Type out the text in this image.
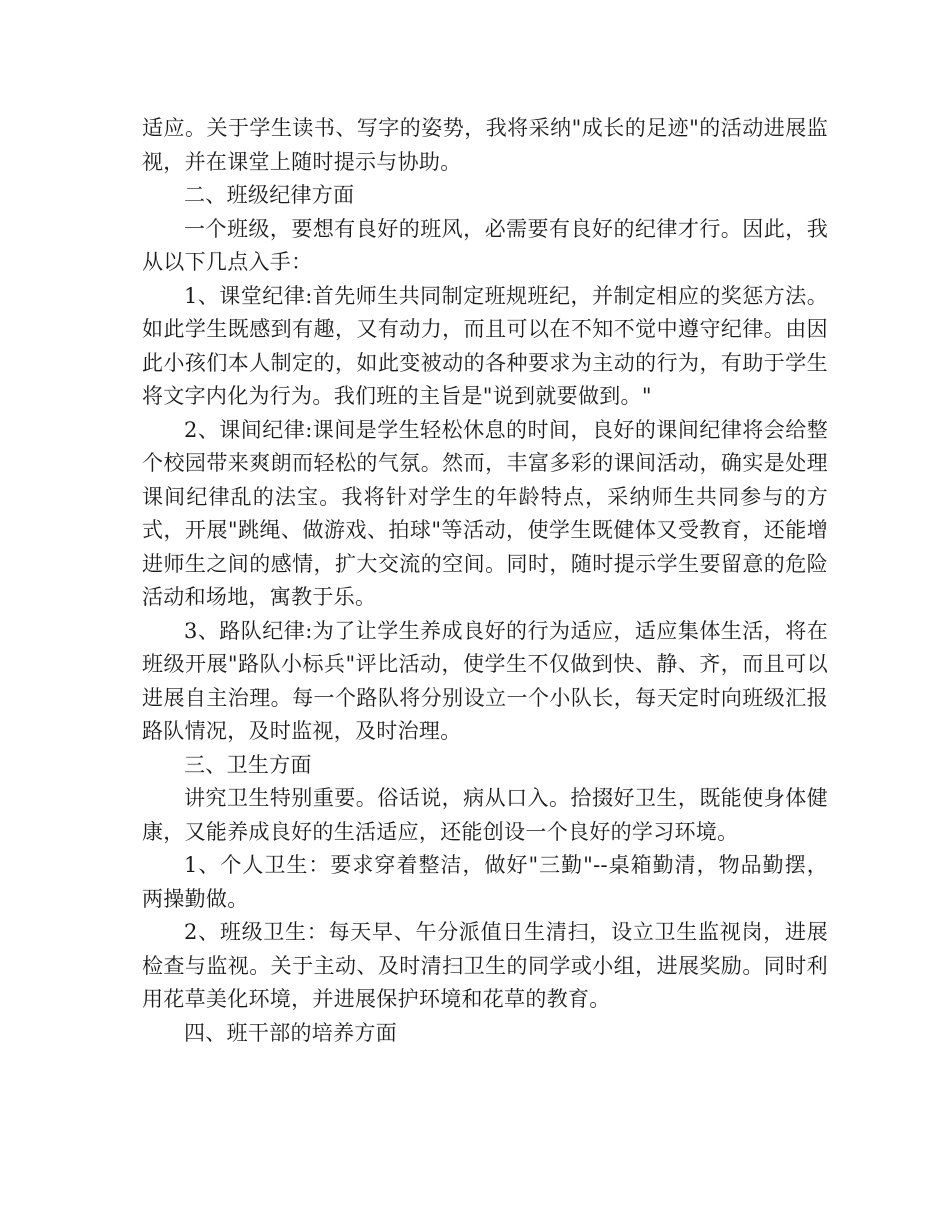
适应。关于学生读书、写字的姿势，我将采纳"成长的足迹"的活动进展监视，并在课堂上随时提示与协助。

二、班级纪律方面

一个班级，要想有良好的班风，必需要有良好的纪律才行。因此，我从以下几点入手：

1、课堂纪律:首先师生共同制定班规班纪，并制定相应的奖惩方法。如此学生既感到有趣，又有动力，而且可以在不知不觉中遵守纪律。由因此小孩们本人制定的，如此变被动的各种要求为主动的行为，有助于学生将文字内化为行为。我们班的主旨是"说到就要做到。"

2、课间纪律:课间是学生轻松休息的时间，良好的课间纪律将会给整个校园带来爽朗而轻松的气氛。然而，丰富多彩的课间活动，确实是处理课间纪律乱的法宝。我将针对学生的年龄特点，采纳师生共同参与的方式，开展"跳绳、做游戏、拍球"等活动，使学生既健体又受教育，还能增进师生之间的感情，扩大交流的空间。同时，随时提示学生要留意的危险活动和场地，寓教于乐。

3、路队纪律:为了让学生养成良好的行为适应，适应集体生活，将在班级开展"路队小标兵"评比活动，使学生不仅做到快、静、齐，而且可以进展自主治理。每一个路队将分别设立一个小队长，每天定时向班级汇报路队情况，及时监视，及时治理。

三、卫生方面

讲究卫生特别重要。俗话说，病从口入。拾掇好卫生，既能使身体健康，又能养成良好的生活适应，还能创设一个良好的学习环境。

1、个人卫生：要求穿着整洁，做好"三勤"--桌箱勤清，物品勤摆，两操勤做。

2、班级卫生：每天早、午分派值日生清扫，设立卫生监视岗，进展检查与监视。关于主动、及时清扫卫生的同学或小组，进展奖励。同时利用花草美化环境，并进展保护环境和花草的教育。

四、班干部的培养方面
